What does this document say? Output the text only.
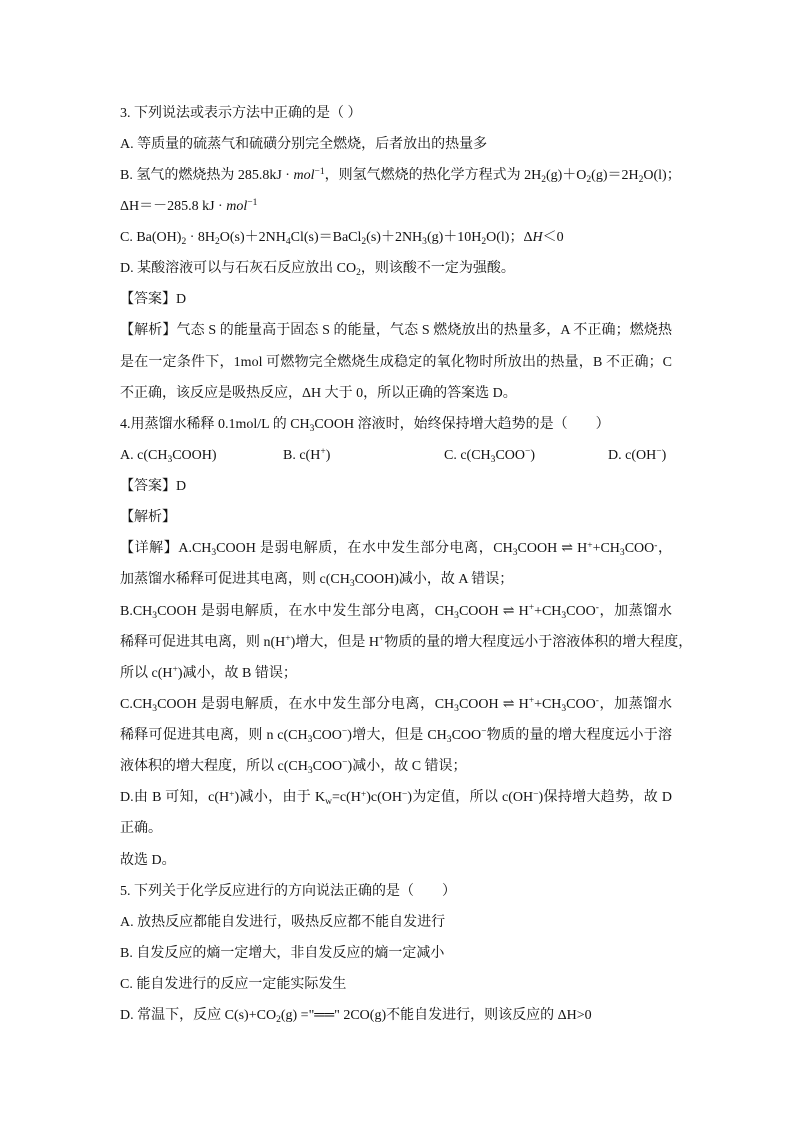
3. 下列说法或表示方法中正确的是（ ）
A. 等质量的硫蒸气和硫磺分别完全燃烧，后者放出的热量多
B. 氢气的燃烧热为 285.8kJ · mol$^{-1}$，则氢气燃烧的热化学方程式为 $2H_2(g)+O_2(g)=2H_2O(l)$；
ΔH＝－285.8 kJ · mol$^{-1}$
C. $Ba(OH)_2$ · $8H_2O(s)+2NH_4Cl(s)=BaCl_2(s)+2NH_3(g)+10H_2O(l)$；ΔH＜0
D. 某酸溶液可以与石灰石反应放出 $CO_2$，则该酸不一定为强酸。
【答案】D
【解析】气态 S 的能量高于固态 S 的能量，气态 S 燃烧放出的热量多，A 不正确；燃烧热
是在一定条件下，1mol 可燃物完全燃烧生成稳定的氧化物时所放出的热量，B 不正确；C
不正确，该反应是吸热反应，ΔH 大于 0，所以正确的答案选 D。
4.用蒸馏水稀释 0.1mol/L 的 $CH_3COOH$ 溶液时，始终保持增大趋势的是（　　）
A. $c(CH_3COOH)$	B. c(H+)	C. $c(CH_3COO^-)$	D. c(OH−)
【答案】D
【解析】
【详解】$A.CH_3COOH$ 是弱电解质，在水中发生部分电离，$CH_3COOH$ ⇌ $H^++CH_3COO^-$，
加蒸馏水稀释可促进其电离，则 $c(CH_3COOH)$减小，故 A 错误；
$B.CH_3COOH$ 是弱电解质，在水中发生部分电离，$CH_3COOH$ ⇌ $H^++CH_3COO^-$，加蒸馏水
稀释可促进其电离，则 n(H+)增大，但是 H+物质的量的增大程度远小于溶液体积的增大程度，
所以 c(H+)减小，故 B 错误；
$C.CH_3COOH$ 是弱电解质，在水中发生部分电离，$CH_3COOH$ ⇌ $H^++CH_3COO^-$，加蒸馏水
稀释可促进其电离，则 n $c(CH_3COO^-)$增大，但是 $CH_3COO^-$物质的量的增大程度远小于溶
液体积的增大程度，所以 $c(CH_3COO^-)$减小，故 C 错误；
D.由 B 可知，c(H+)减小，由于 $K_w=c(H^+)c(OH^-)$为定值，所以 c(OH−)保持增大趋势，故 D
正确。
故选 D。
5. 下列关于化学反应进行的方向说法正确的是（　　）
A. 放热反应都能自发进行，吸热反应都不能自发进行
B. 自发反应的熵一定增大，非自发反应的熵一定减小
C. 能自发进行的反应一定能实际发生
D. 常温下，反应 $C(s)+CO_2(g)$ ="══" 2CO(g)不能自发进行，则该反应的 ΔH>0
